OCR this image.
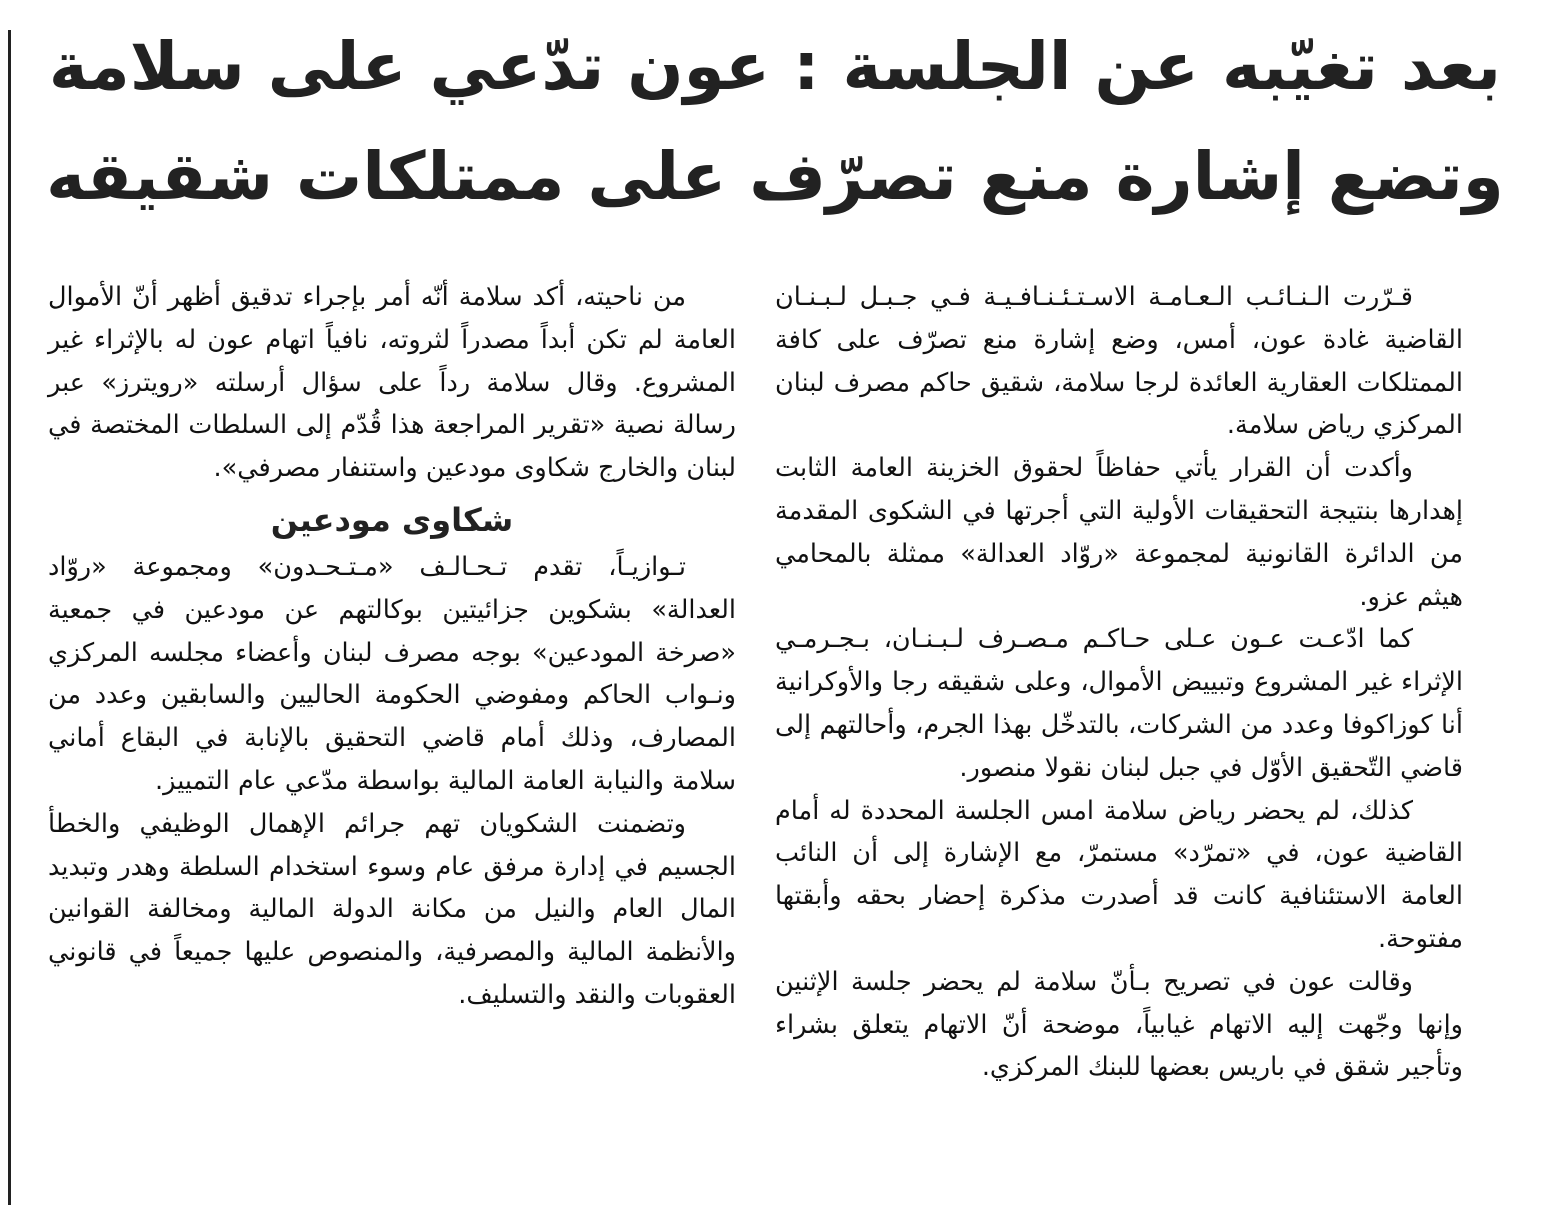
بعد تغيّبه عن الجلسة : عون تدّعي على سلامة
وتضع إشارة منع تصرّف على ممتلكات شقيقه

قـرّرت الـنـائـب الـعـامـة الاسـتـئـنـافـيـة فـي جـبـل لـبـنـان القاضية غادة عون، أمس، وضع إشارة منع تصرّف على كافة الممتلكات العقارية العائدة لرجا سلامة، شقيق حاكم مصرف لبنان المركزي رياض سلامة.

وأكدت أن القرار يأتي حفاظاً لحقوق الخزينة العامة الثابت إهدارها بنتيجة التحقيقات الأولية التي أجرتها في الشكوى المقدمة من الدائرة القانونية لمجموعة «روّاد العدالة» ممثلة بالمحامي هيثم عزو.

كما ادّعـت عـون عـلى حـاكـم مـصـرف لـبـنـان، بـجـرمـي الإثراء غير المشروع وتبييض الأموال، وعلى شقيقه رجا والأوكرانية أنا كوزاكوفا وعدد من الشركات، بالتدخّل بهذا الجرم، وأحالتهم إلى قاضي التّحقيق الأوّل في جبل لبنان نقولا منصور.

كذلك، لم يحضر رياض سلامة امس الجلسة المحددة له أمام القاضية عون، في «تمرّد» مستمرّ، مع الإشارة إلى أن النائب العامة الاستئنافية كانت قد أصدرت مذكرة إحضار بحقه وأبقتها مفتوحة.

وقالت عون في تصريح بـأنّ سلامة لم يحضر جلسة الإثنين وإنها وجّهت إليه الاتهام غيابياً، موضحة أنّ الاتهام يتعلق بشراء وتأجير شقق في باريس بعضها للبنك المركزي.

من ناحيته، أكد سلامة أنّه أمر بإجراء تدقيق أظهر أنّ الأموال العامة لم تكن أبداً مصدراً لثروته، نافياً اتهام عون له بالإثراء غير المشروع. وقال سلامة رداً على سؤال أرسلته «رويترز» عبر رسالة نصية «تقرير المراجعة هذا قُدّم إلى السلطات المختصة في لبنان والخارج شكاوى مودعين واستنفار مصرفي».

شكاوى مودعين

تـوازيـاً، تقدم تـحـالـف «مـتـحـدون» ومجموعة «روّاد العدالة» بشكوين جزائيتين بوكالتهم عن مودعين في جمعية «صرخة المودعين» بوجه مصرف لبنان وأعضاء مجلسه المركزي ونـواب الحاكم ومفوضي الحكومة الحاليين والسابقين وعدد من المصارف، وذلك أمام قاضي التحقيق بالإنابة في البقاع أماني سلامة والنيابة العامة المالية بواسطة مدّعي عام التمييز.

وتضمنت الشكويان تهم جرائم الإهمال الوظيفي والخطأ الجسيم في إدارة مرفق عام وسوء استخدام السلطة وهدر وتبديد المال العام والنيل من مكانة الدولة المالية ومخالفة القوانين والأنظمة المالية والمصرفية، والمنصوص عليها جميعاً في قانوني العقوبات والنقد والتسليف.
